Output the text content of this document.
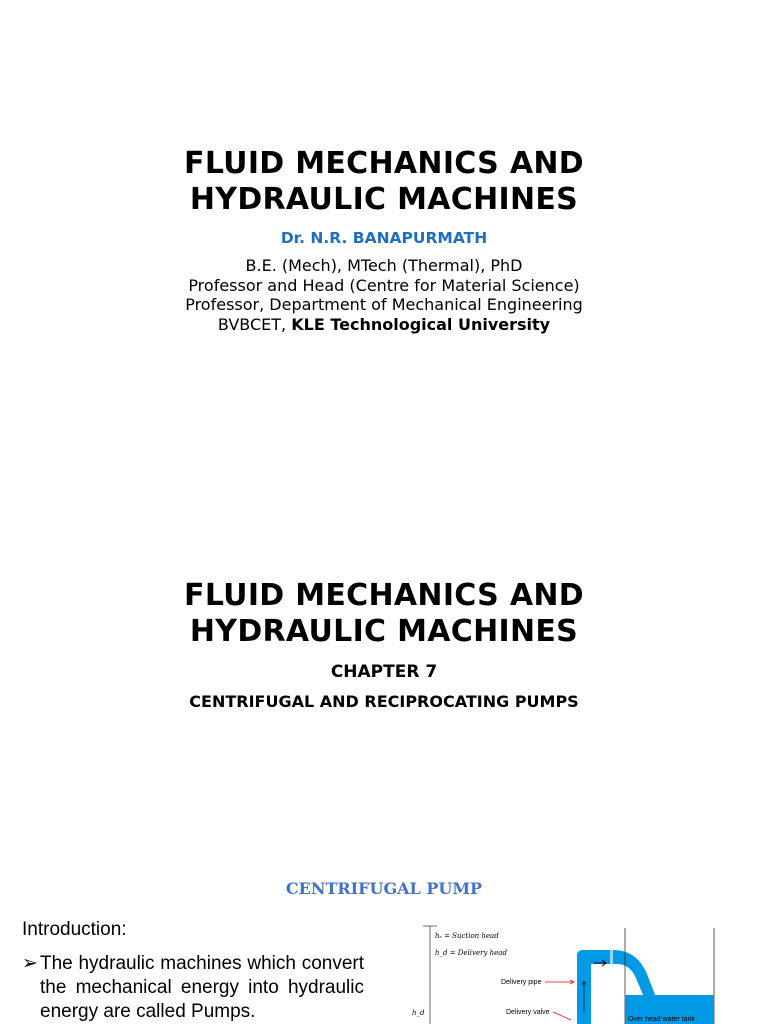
FLUID MECHANICS AND
HYDRAULIC MACHINES
Dr. N.R. BANAPURMATH
B.E. (Mech), MTech (Thermal), PhD
Professor and Head (Centre for Material Science)
Professor, Department of Mechanical Engineering
BVBCET, KLE Technological University
FLUID MECHANICS AND
HYDRAULIC MACHINES
CHAPTER 7
CENTRIFUGAL AND RECIPROCATING PUMPS
CENTRIFUGAL PUMP
Introduction:
➢ The hydraulic machines which convert the mechanical energy into hydraulic energy are called Pumps.
hₛ = Suction head
h_d = Delivery head
h_d
Over head water tank
Delivery pipe
Delivery valve
